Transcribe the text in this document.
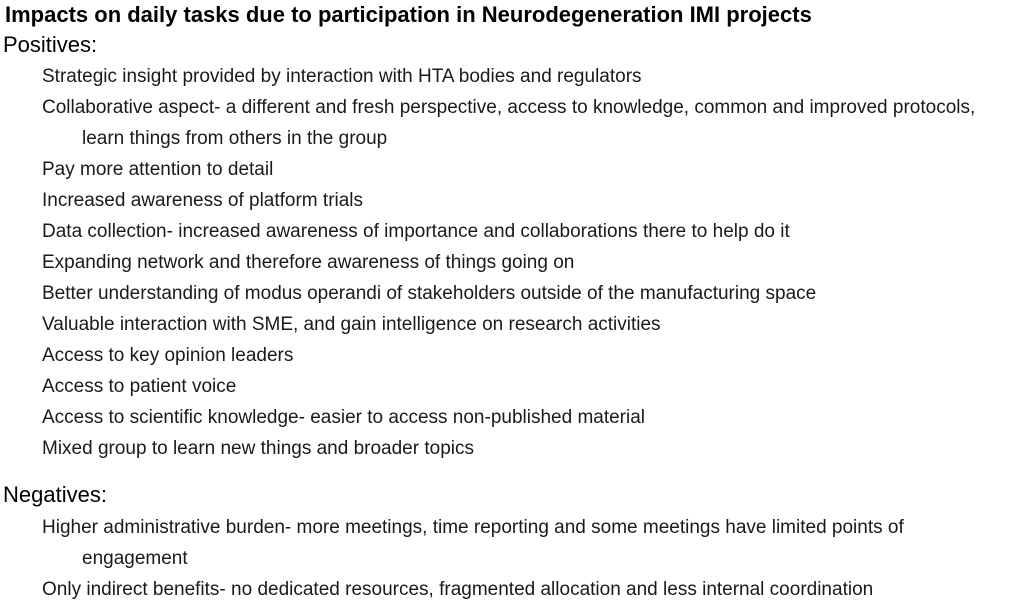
Impacts on daily tasks due to participation in Neurodegeneration IMI projects
Positives:
Strategic insight provided by interaction with HTA bodies and regulators
Collaborative aspect- a different and fresh perspective, access to knowledge, common and improved protocols, learn things from others in the group
Pay more attention to detail
Increased awareness of platform trials
Data collection- increased awareness of importance and collaborations there to help do it
Expanding network and therefore awareness of things going on
Better understanding of modus operandi of stakeholders outside of the manufacturing space
Valuable interaction with SME, and gain intelligence on research activities
Access to key opinion leaders
Access to patient voice
Access to scientific knowledge- easier to access non-published material
Mixed group to learn new things and broader topics
Negatives:
Higher administrative burden- more meetings, time reporting and some meetings have limited points of engagement
Only indirect benefits- no dedicated resources, fragmented allocation and less internal coordination
